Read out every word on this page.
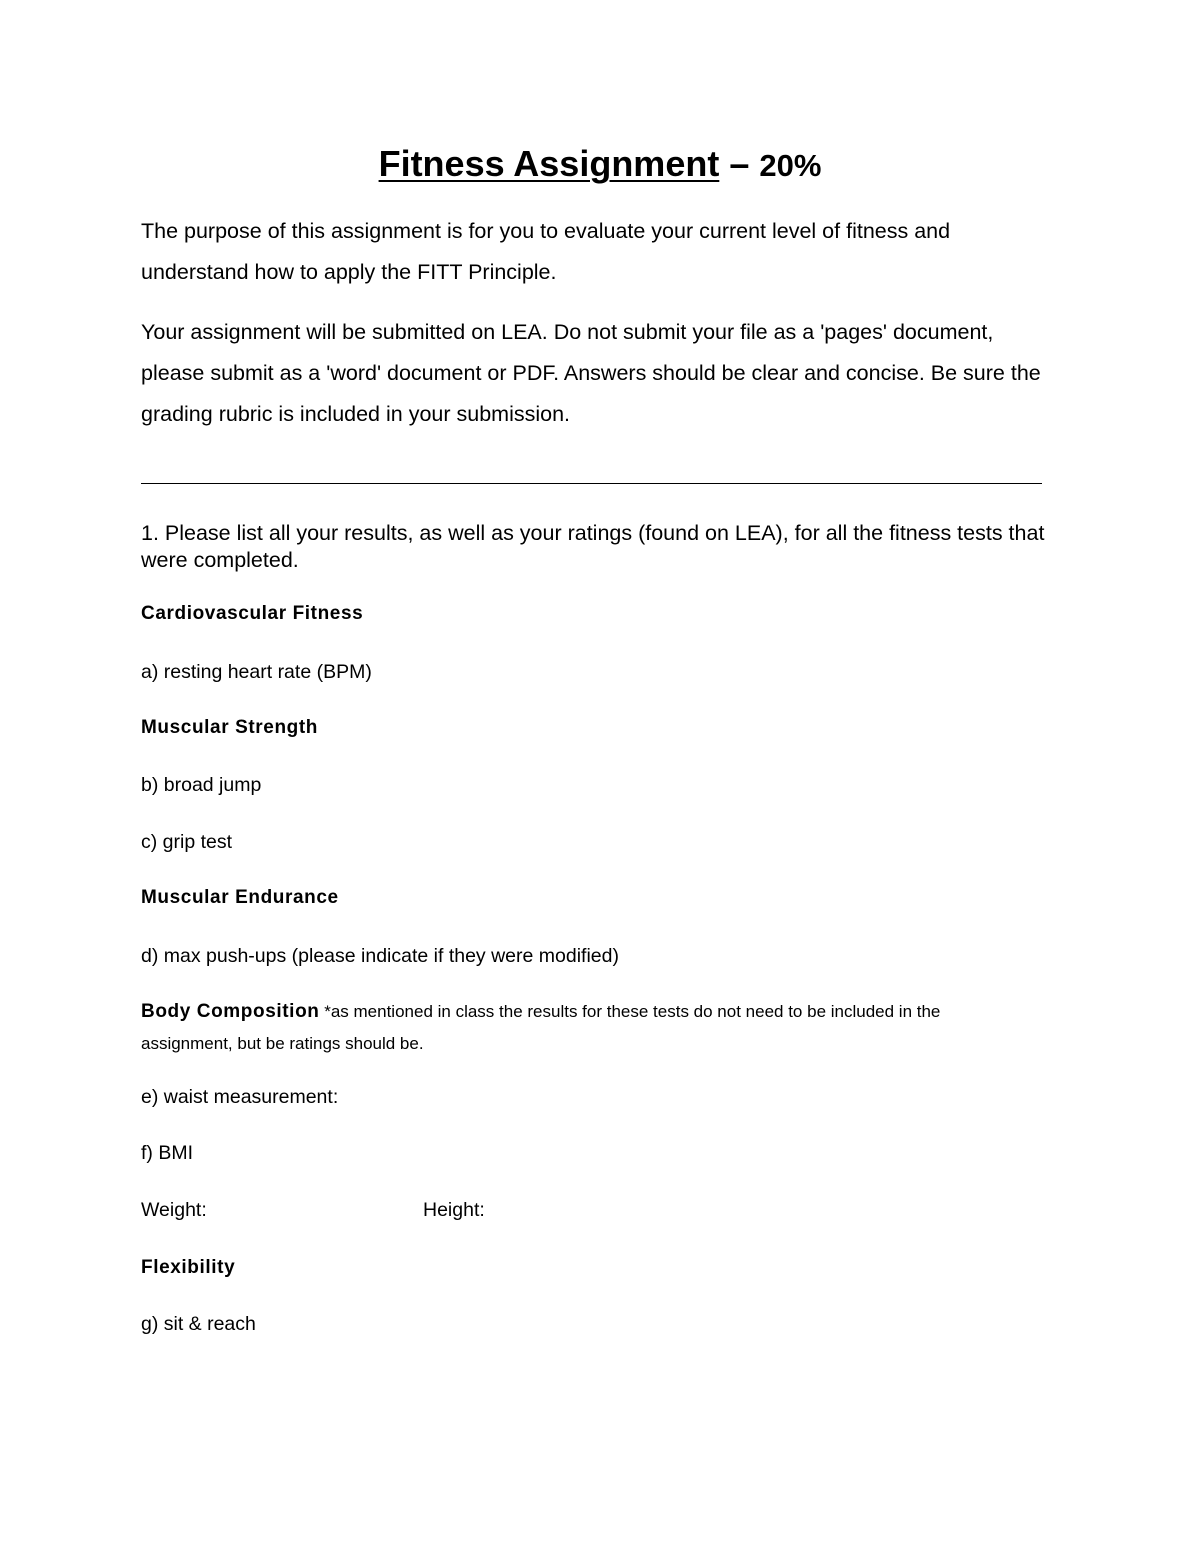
Fitness Assignment – 20%
The purpose of this assignment is for you to evaluate your current level of fitness and understand how to apply the FITT Principle.
Your assignment will be submitted on LEA. Do not submit your file as a 'pages' document, please submit as a 'word' document or PDF. Answers should be clear and concise. Be sure the grading rubric is included in your submission.
1. Please list all your results, as well as your ratings (found on LEA), for all the fitness tests that were completed.
Cardiovascular Fitness
a) resting heart rate (BPM)
Muscular Strength
b) broad jump
c) grip test
Muscular Endurance
d) max push-ups (please indicate if they were modified)
Body Composition *as mentioned in class the results for these tests do not need to be included in the assignment, but be ratings should be.
e) waist measurement:
f) BMI
Weight:	Height:
Flexibility
g) sit & reach
